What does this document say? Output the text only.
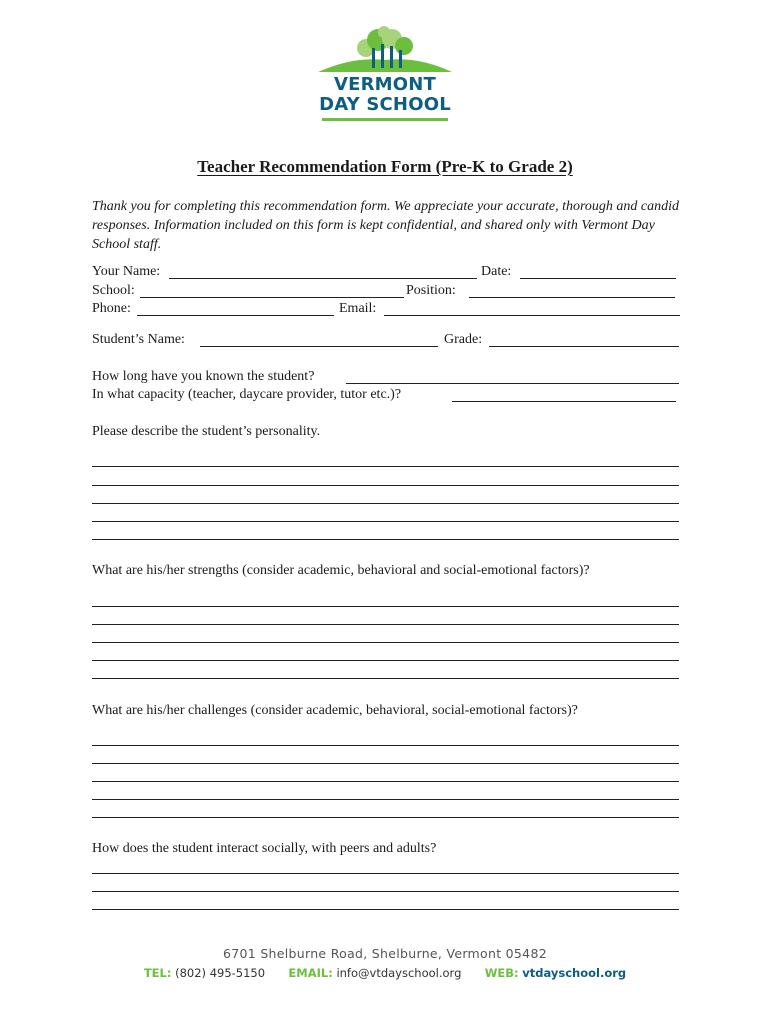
VERMONT
DAY SCHOOL
Teacher Recommendation Form (Pre-K to Grade 2)
Thank you for completing this recommendation form. We appreciate your accurate, thorough and candid responses. Information included on this form is kept confidential, and shared only with Vermont Day School staff.
Your Name:	Date:
School:	Position:
Phone:	Email:
Student’s Name:	Grade:
How long have you known the student?
In what capacity (teacher, daycare provider, tutor etc.)?
Please describe the student’s personality.
What are his/her strengths (consider academic, behavioral and social-emotional factors)?
What are his/her challenges (consider academic, behavioral, social-emotional factors)?
How does the student interact socially, with peers and adults?
6701 Shelburne Road, Shelburne, Vermont 05482
TEL: (802) 495-5150 EMAIL: info@vtdayschool.org WEB: vtdayschool.org
